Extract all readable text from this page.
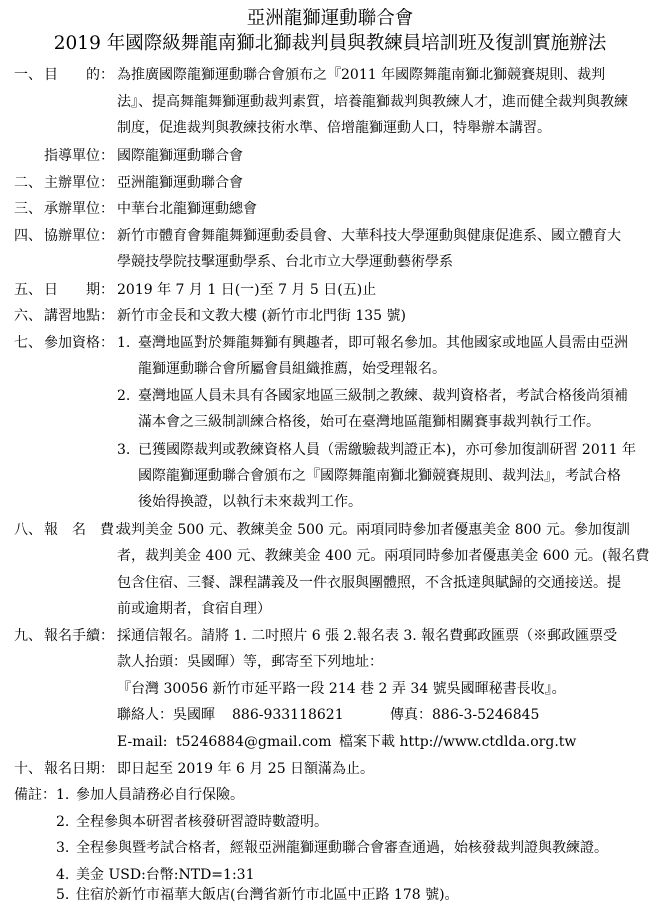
亞洲龍獅運動聯合會
2019 年國際級舞龍南獅北獅裁判員與教練員培訓班及復訓實施辦法
一、 目　　的： 為推廣國際龍獅運動聯合會頒布之『2011 年國際舞龍南獅北獅競賽規則、裁判
法』、提高舞龍舞獅運動裁判素質，培養龍獅裁判與教練人才，進而健全裁判與教練
制度，促進裁判與教練技術水準、倍增龍獅運動人口，特舉辦本講習。
指導單位： 國際龍獅運動聯合會
二、 主辦單位： 亞洲龍獅運動聯合會
三、 承辦單位： 中華台北龍獅運動總會
四、 協辦單位： 新竹市體育會舞龍舞獅運動委員會、大華科技大學運動與健康促進系、國立體育大
學競技學院技擊運動學系、台北市立大學運動藝術學系
五、 日　　期： 2019 年 7 月 1 日(一)至 7 月 5 日(五)止
六、 講習地點： 新竹市金長和文教大樓 (新竹市北門街 135 號)
七、 參加資格： 1. 臺灣地區對於舞龍舞獅有興趣者，即可報名參加。其他國家或地區人員需由亞洲
龍獅運動聯合會所屬會員組織推薦，始受理報名。
2. 臺灣地區人員未具有各國家地區三級制之教練、裁判資格者，考試合格後尚須補
滿本會之三級制訓練合格後，始可在臺灣地區龍獅相關賽事裁判執行工作。
3. 已獲國際裁判或教練資格人員（需繳驗裁判證正本)，亦可參加復訓研習 2011 年
國際龍獅運動聯合會頒布之『國際舞龍南獅北獅競賽規則、裁判法』，考試合格
後始得換證，以執行未來裁判工作。
八、 報　名　費：
裁判美金 500 元、教練美金 500 元。兩項同時參加者優惠美金 800 元。參加復訓
者，裁判美金 400 元、教練美金 400 元。兩項同時參加者優惠美金 600 元。(報名費
包含住宿、三餐、課程講義及一件衣服與團體照，不含抵達與賦歸的交通接送。提
前或逾期者，食宿自理）
九、 報名手續： 採通信報名。請將 1. 二吋照片 6 張 2.報名表 3. 報名費郵政匯票（※郵政匯票受
款人抬頭：吳國暉）等，郵寄至下列地址：
『台灣 30056 新竹市延平路一段 214 巷 2 弄 34 號吳國暉秘書長收』。
聯絡人：吳國暉 886-933118621	傳真：886-3-5246845
E-mail: t5246884@gmail.com 檔案下載 http://www.ctdlda.org.tw
十、 報名日期： 即日起至 2019 年 6 月 25 日額滿為止。
備註： 1. 參加人員請務必自行保險。
2. 全程參與本研習者核發研習證時數證明。
3. 全程參與暨考試合格者，經報亞洲龍獅運動聯合會審查通過，始核發裁判證與教練證。
4. 美金 USD:台幣:NTD=1:31
5. 住宿於新竹市福華大飯店(台灣省新竹市北區中正路 178 號)。
